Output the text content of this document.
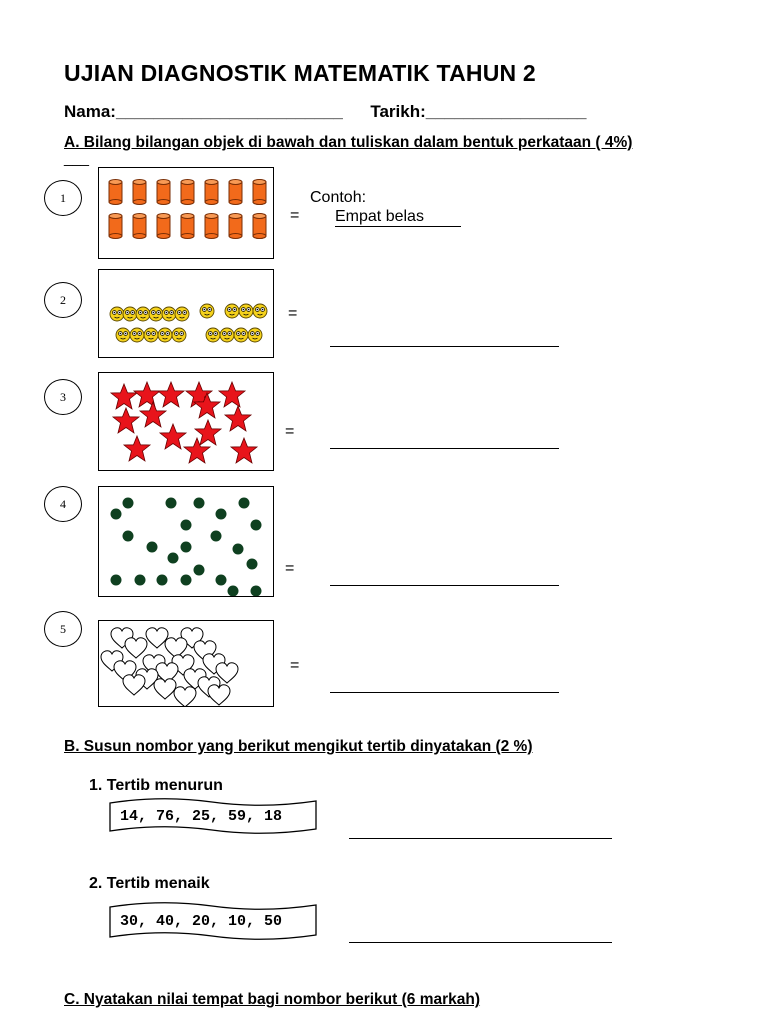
UJIAN DIAGNOSTIK MATEMATIK TAHUN 2
Nama:________________________ Tarikh:_________________
A. Bilang bilangan objek di bawah dan tuliskan dalam bentuk perkataan ( 4%)
___
1
2
3
4
5
=
Contoh:
Empat belas
=
=
=
=
B. Susun nombor yang berikut mengikut tertib dinyatakan (2 %)
1. Tertib menurun
14, 76, 25, 59, 18
2. Tertib menaik
30, 40, 20, 10, 50
C. Nyatakan nilai tempat bagi nombor berikut (6 markah)
